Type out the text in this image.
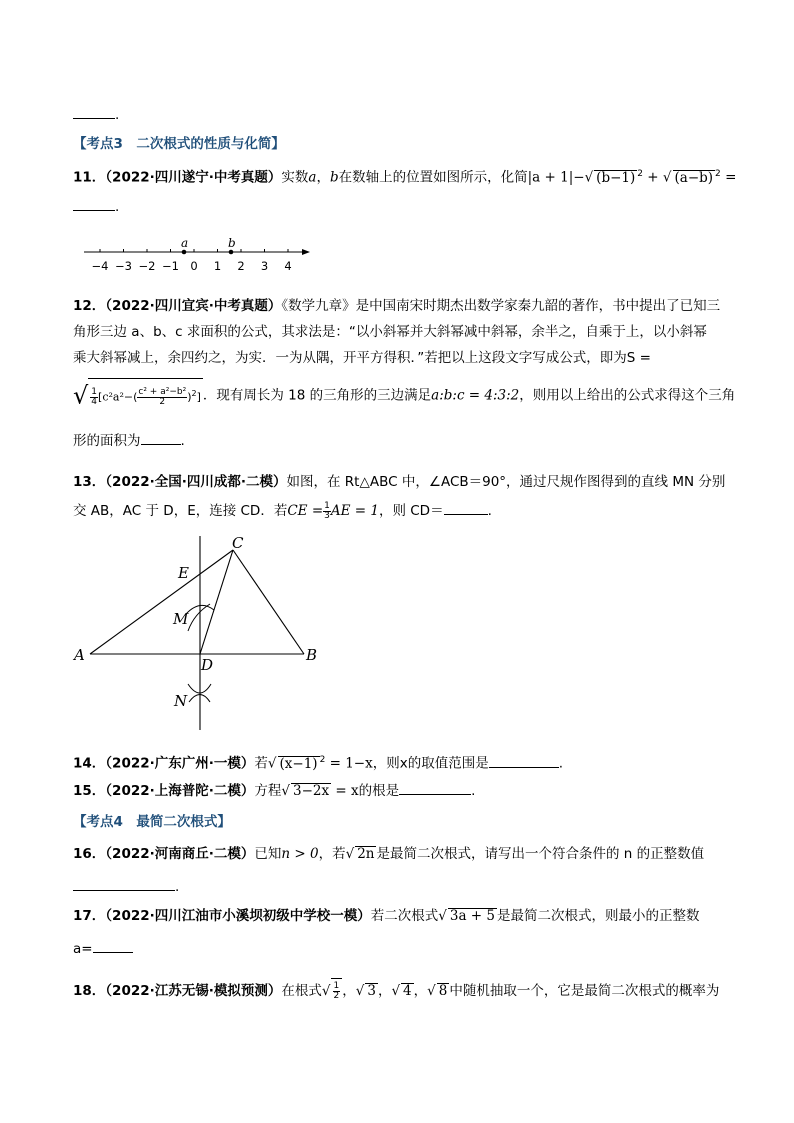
.
【考点3　二次根式的性质与化简】
11．（2022·四川遂宁·中考真题）实数a，b在数轴上的位置如图所示，化简|a + 1|−√ (b−1) $^2$ + √ (a−b) $^2$ =
.
−4 −3 −2 −1 0 1 2 3 4
a	b
12．（2022·四川宜宾·中考真题）《数学九章》是中国南宋时期杰出数学家秦九韶的著作，书中提出了已知三
角形三边 a、b、c 求面积的公式，其求法是：“以小斜幂并大斜幂减中斜幂，余半之，自乘于上，以小斜幂
乘大斜幂减上，余四约之，为实．一为从隅，开平方得积．”若把以上这段文字写成公式，即为S =
√ $\frac{1}{4} [c^2a^2-( \frac{\text{c² + a²−b²}}{2} )^2]$ ．现有周长为 18 的三角形的三边满足a:b:c = 4:3:2，则用以上给出的公式求得这个三角
形的面积为	.
13．（2022·全国·四川成都·二模）如图，在 Rt△ABC 中，∠ACB＝90°，通过尺规作图得到的直线 MN 分别
交 AB，AC 于 D，E，连接 CD．若CE = $\frac{1}{3}$ AE = 1，则 CD＝	.
A	B
C
D
E
M
N
14．（2022·广东广州·一模）若√ (x−1) $^2$ = 1−x，则x的取值范围是	.
15．（2022·上海普陀·二模）方程√ 3−2x = x的根是	.
【考点4　最简二次根式】
16．（2022·河南商丘·二模）已知n > 0，若√ 2n 是最简二次根式，请写出一个符合条件的 n 的正整数值
.
17．（2022·四川江油市小溪坝初级中学校一模）若二次根式√ 3a + 5 是最简二次根式，则最小的正整数
a=
18．（2022·江苏无锡·模拟预测）在根式√ $\frac{1}{2}$ ，√ 3 ，√ 4 ，√ 8 中随机抽取一个，它是最简二次根式的概率为
